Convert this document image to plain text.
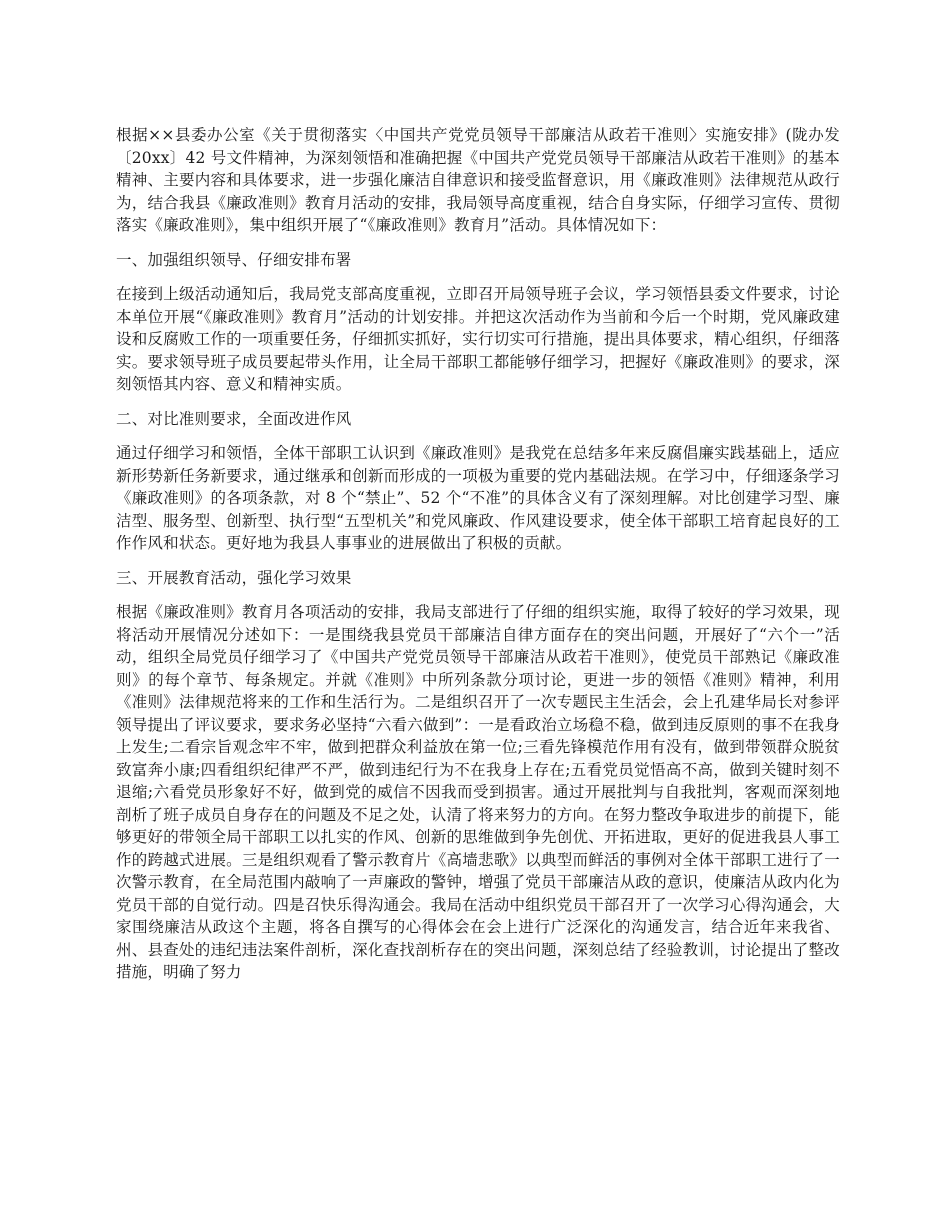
根据××县委办公室《关于贯彻落实〈中国共产党党员领导干部廉洁从政若干准则〉实施安排》(陇办发〔20xx〕42 号文件精神，为深刻领悟和准确把握《中国共产党党员领导干部廉洁从政若干准则》的基本精神、主要内容和具体要求，进一步强化廉洁自律意识和接受监督意识，用《廉政准则》法律规范从政行为，结合我县《廉政准则》教育月活动的安排，我局领导高度重视，结合自身实际，仔细学习宣传、贯彻落实《廉政准则》，集中组织开展了“《廉政准则》教育月”活动。具体情况如下：

一、加强组织领导、仔细安排布署

在接到上级活动通知后，我局党支部高度重视，立即召开局领导班子会议，学习领悟县委文件要求，讨论本单位开展“《廉政准则》教育月”活动的计划安排。并把这次活动作为当前和今后一个时期，党风廉政建设和反腐败工作的一项重要任务，仔细抓实抓好，实行切实可行措施，提出具体要求，精心组织，仔细落实。要求领导班子成员要起带头作用，让全局干部职工都能够仔细学习，把握好《廉政准则》的要求，深刻领悟其内容、意义和精神实质。

二、对比准则要求，全面改进作风

通过仔细学习和领悟，全体干部职工认识到《廉政准则》是我党在总结多年来反腐倡廉实践基础上，适应新形势新任务新要求，通过继承和创新而形成的一项极为重要的党内基础法规。在学习中，仔细逐条学习《廉政准则》的各项条款，对 8 个“禁止”、52 个“不准”的具体含义有了深刻理解。对比创建学习型、廉洁型、服务型、创新型、执行型“五型机关”和党风廉政、作风建设要求，使全体干部职工培育起良好的工作作风和状态。更好地为我县人事事业的进展做出了积极的贡献。

三、开展教育活动，强化学习效果

根据《廉政准则》教育月各项活动的安排，我局支部进行了仔细的组织实施，取得了较好的学习效果，现将活动开展情况分述如下：一是围绕我县党员干部廉洁自律方面存在的突出问题，开展好了“六个一”活动，组织全局党员仔细学习了《中国共产党党员领导干部廉洁从政若干准则》，使党员干部熟记《廉政准则》的每个章节、每条规定。并就《准则》中所列条款分项讨论，更进一步的领悟《准则》精神，利用《准则》法律规范将来的工作和生活行为。二是组织召开了一次专题民主生活会，会上孔建华局长对参评领导提出了评议要求，要求务必坚持“六看六做到”：一是看政治立场稳不稳，做到违反原则的事不在我身上发生;二看宗旨观念牢不牢，做到把群众利益放在第一位;三看先锋模范作用有没有，做到带领群众脱贫致富奔小康;四看组织纪律严不严，做到违纪行为不在我身上存在;五看党员觉悟高不高，做到关键时刻不退缩;六看党员形象好不好，做到党的威信不因我而受到损害。通过开展批判与自我批判，客观而深刻地剖析了班子成员自身存在的问题及不足之处，认清了将来努力的方向。在努力整改争取进步的前提下，能够更好的带领全局干部职工以扎实的作风、创新的思维做到争先创优、开拓进取，更好的促进我县人事工作的跨越式进展。三是组织观看了警示教育片《高墙悲歌》以典型而鲜活的事例对全体干部职工进行了一次警示教育，在全局范围内敲响了一声廉政的警钟，增强了党员干部廉洁从政的意识，使廉洁从政内化为党员干部的自觉行动。四是召快乐得沟通会。我局在活动中组织党员干部召开了一次学习心得沟通会，大家围绕廉洁从政这个主题，将各自撰写的心得体会在会上进行广泛深化的沟通发言，结合近年来我省、州、县查处的违纪违法案件剖析，深化查找剖析存在的突出问题，深刻总结了经验教训，讨论提出了整改措施，明确了努力
